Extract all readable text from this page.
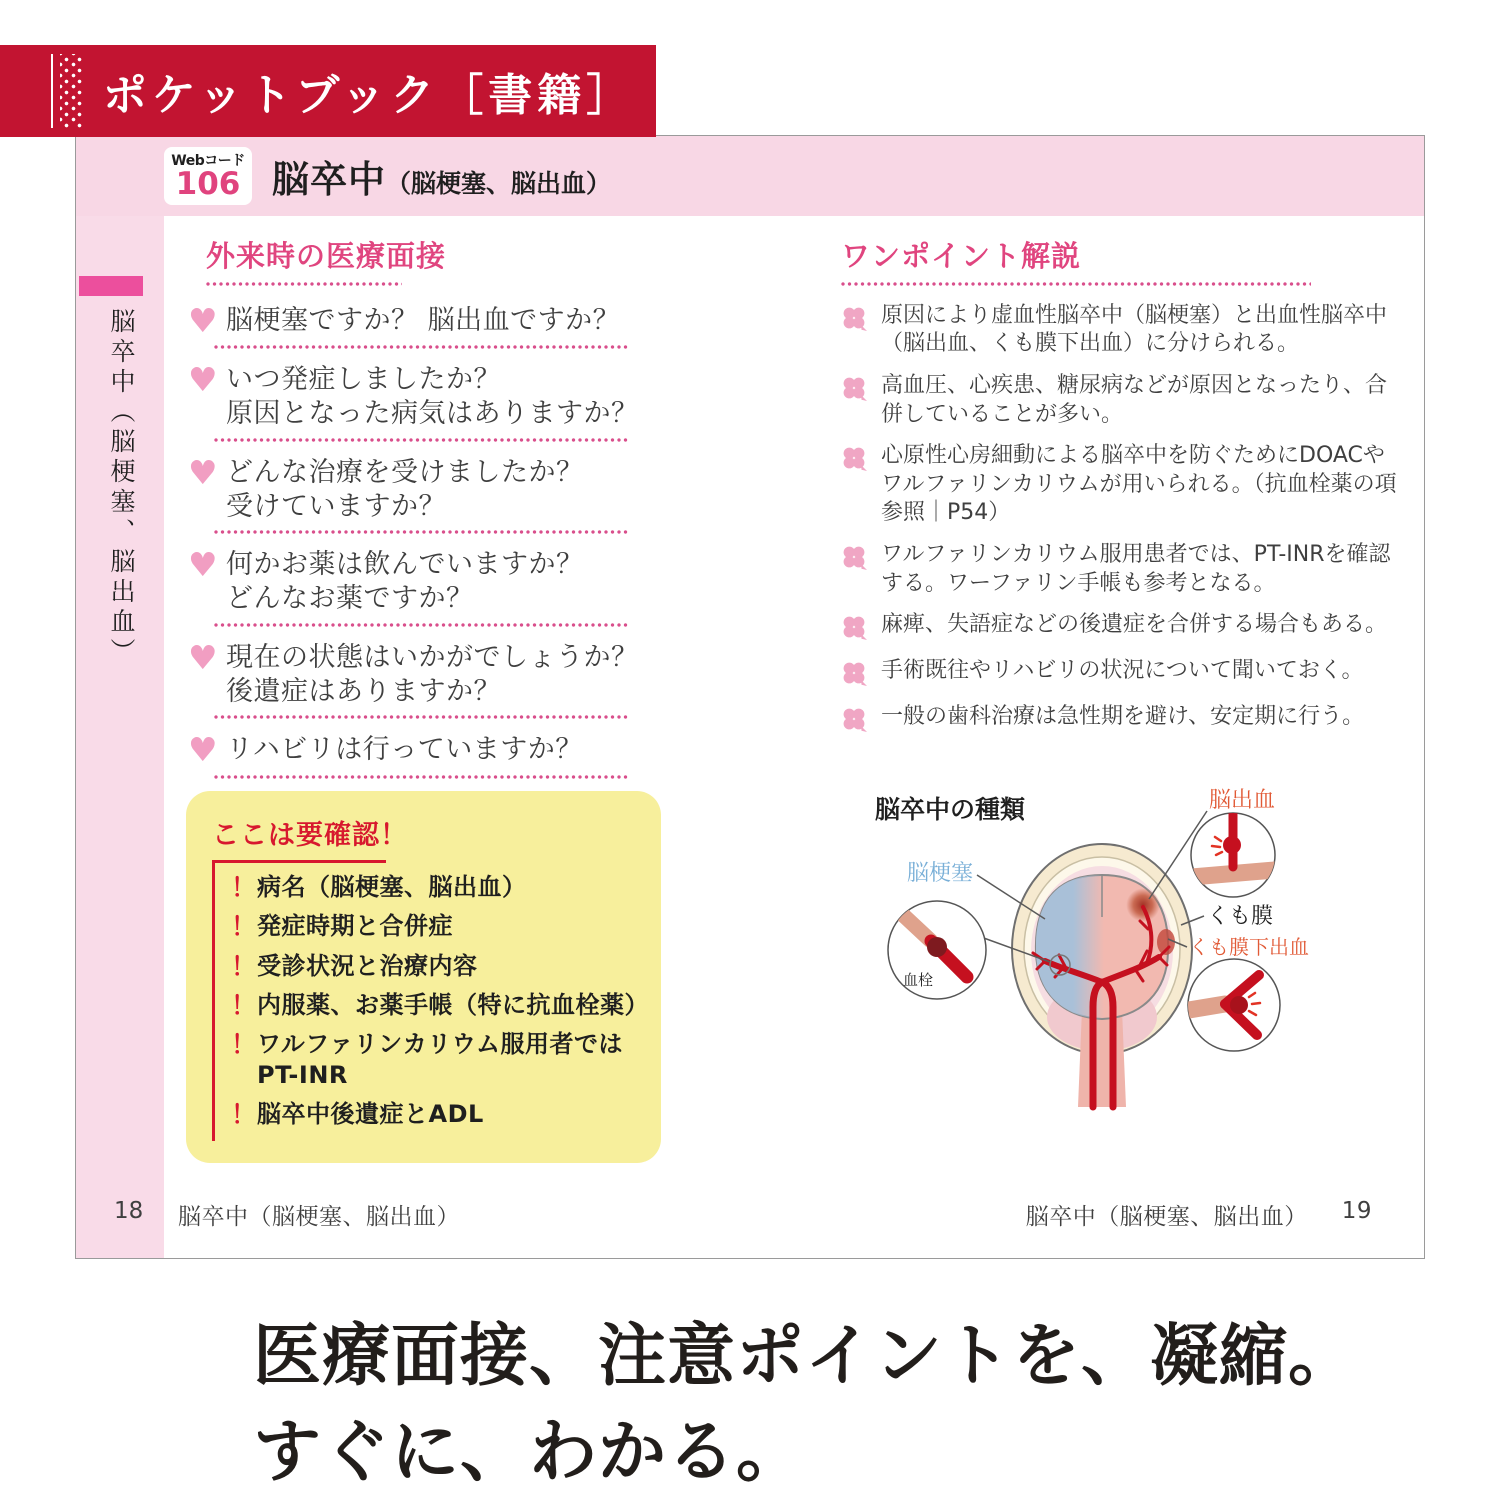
ポケットブック［書籍］
Webコード
106 脳卒中（脳梗塞、脳出血）
脳卒中（脳梗塞、脳出血）
外来時の医療面接
♥ 脳梗塞ですか？ 脳出血ですか？
♥ いつ発症しましたか？
原因となった病気はありますか？
♥ どんな治療を受けましたか？
受けていますか？
♥ 何かお薬は飲んでいますか？
どんなお薬ですか？
♥ 現在の状態はいかがでしょうか？
後遺症はありますか？
♥ リハビリは行っていますか？
ここは要確認！
！ 病名（脳梗塞、脳出血）
！ 発症時期と合併症
！ 受診状況と治療内容
！ 内服薬、お薬手帳（特に抗血栓薬）
！ ワルファリンカリウム服用者では
PT-INR
！ 脳卒中後遺症とADL
ワンポイント解説
原因により虚血性脳卒中（脳梗塞）と出血性脳卒中（脳出血、くも膜下出血）に分けられる。
高血圧、心疾患、糖尿病などが原因となったり、合併していることが多い。
心原性心房細動による脳卒中を防ぐためにDOACやワルファリンカリウムが用いられる。（抗血栓薬の項参照｜P54）
ワルファリンカリウム服用患者では、PT-INRを確認する。ワーファリン手帳も参考となる。
麻痺、失語症などの後遺症を合併する場合もある。
手術既往やリハビリの状況について聞いておく。
一般の歯科治療は急性期を避け、安定期に行う。
脳卒中の種類
血栓
脳梗塞
脳出血
くも膜
くも膜下出血
18 脳卒中（脳梗塞、脳出血）	脳卒中（脳梗塞、脳出血） 19
医療面接、注意ポイントを、凝縮。
すぐに、わかる。
